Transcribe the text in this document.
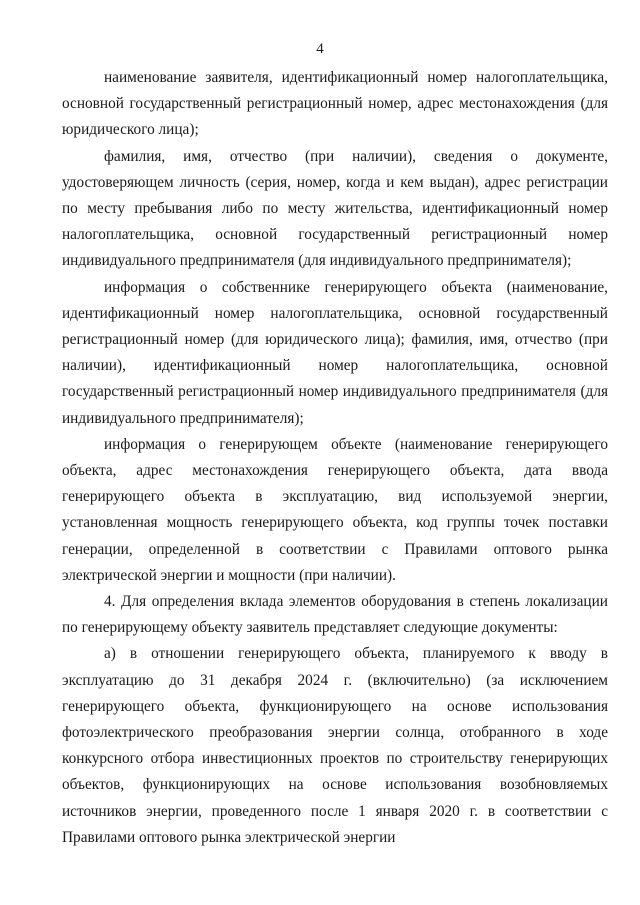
4

наименование заявителя, идентификационный номер налогоплательщика, основной государственный регистрационный номер, адрес местонахождения (для юридического лица);

фамилия, имя, отчество (при наличии), сведения о документе, удостоверяющем личность (серия, номер, когда и кем выдан), адрес регистрации по месту пребывания либо по месту жительства, идентификационный номер налогоплательщика, основной государственный регистрационный номер индивидуального предпринимателя (для индивидуального предпринимателя);

информация о собственнике генерирующего объекта (наименование, идентификационный номер налогоплательщика, основной государственный регистрационный номер (для юридического лица); фамилия, имя, отчество (при наличии), идентификационный номер налогоплательщика, основной государственный регистрационный номер индивидуального предпринимателя (для индивидуального предпринимателя);

информация о генерирующем объекте (наименование генерирующего объекта, адрес местонахождения генерирующего объекта, дата ввода генерирующего объекта в эксплуатацию, вид используемой энергии, установленная мощность генерирующего объекта, код группы точек поставки генерации, определенной в соответствии с Правилами оптового рынка электрической энергии и мощности (при наличии).

4. Для определения вклада элементов оборудования в степень локализации по генерирующему объекту заявитель представляет следующие документы:

а) в отношении генерирующего объекта, планируемого к вводу в эксплуатацию до 31 декабря 2024 г. (включительно) (за исключением генерирующего объекта, функционирующего на основе использования фотоэлектрического преобразования энергии солнца, отобранного в ходе конкурсного отбора инвестиционных проектов по строительству генерирующих объектов, функционирующих на основе использования возобновляемых источников энергии, проведенного после 1 января 2020 г. в соответствии с Правилами оптового рынка электрической энергии
